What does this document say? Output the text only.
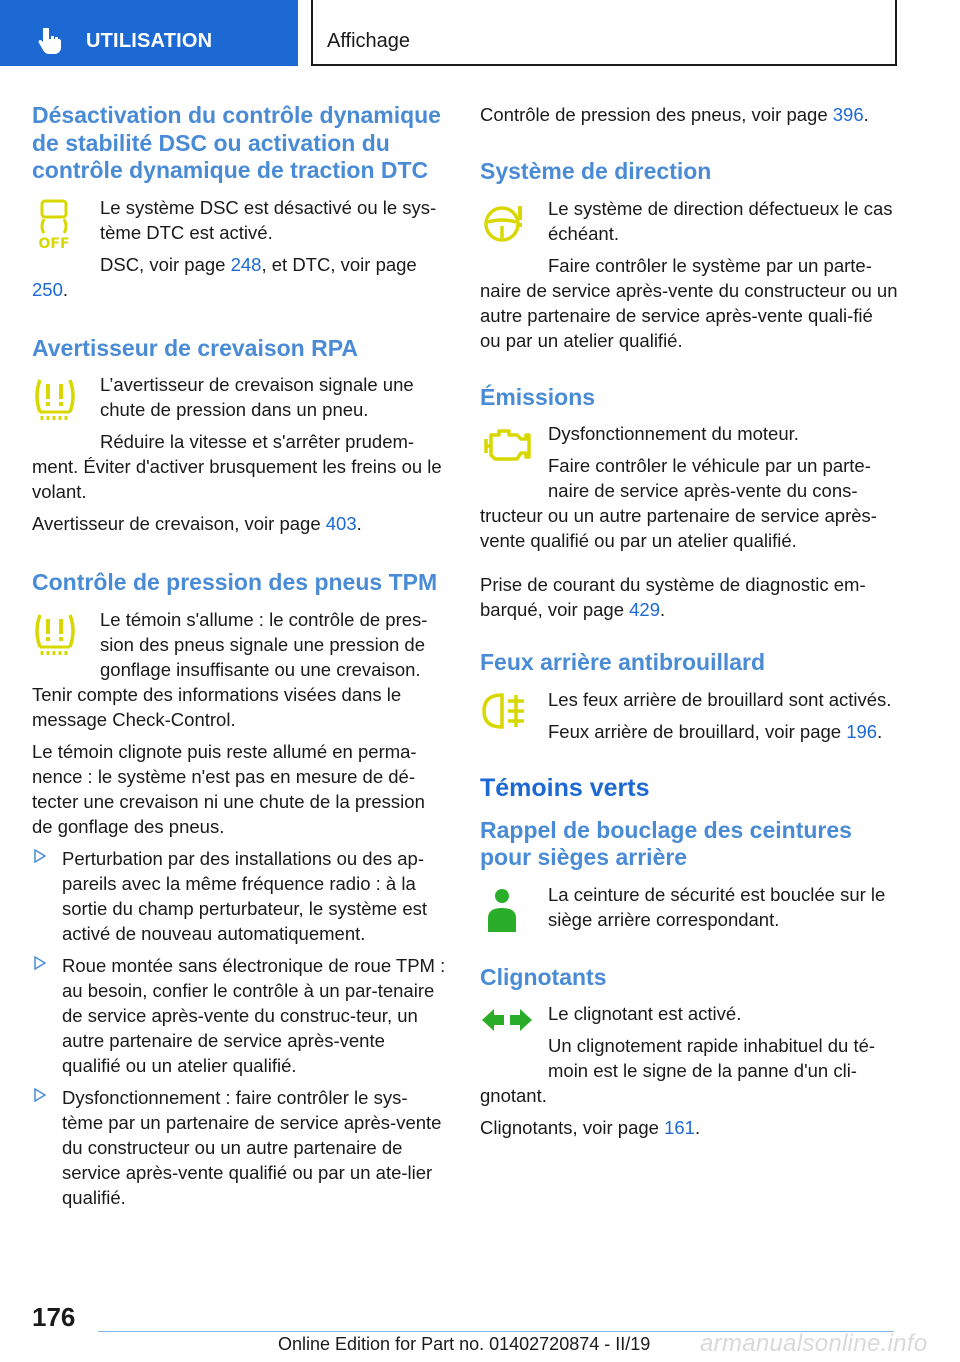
UTILISATION	Affichage
Désactivation du contrôle dynamique de stabilité DSC ou activation du contrôle dynamique de traction DTC
OFF

Le système DSC est désactivé ou le sys-tème DTC est activé.

DSC, voir page 248, et DTC, voir page 250.

Avertisseur de crevaison RPA

L’avertisseur de crevaison signale une chute de pression dans un pneu.

Réduire la vitesse et s'arrêter prudem-ment. Éviter d'activer brusquement les freins ou le volant.

Avertisseur de crevaison, voir page 403.

Contrôle de pression des pneus TPM

Le témoin s'allume : le contrôle de pres-sion des pneus signale une pression de gonflage insuffisante ou une crevaison. Tenir compte des informations visées dans le message Check-Control.

Le témoin clignote puis reste allumé en perma-nence : le système n'est pas en mesure de dé-tecter une crevaison ni une chute de la pression de gonflage des pneus.

Perturbation par des installations ou des ap-pareils avec la même fréquence radio : à la sortie du champ perturbateur, le système est activé de nouveau automatiquement.
Roue montée sans électronique de roue TPM : au besoin, confier le contrôle à un par-tenaire de service après-vente du construc-teur, un autre partenaire de service après-vente qualifié ou un atelier qualifié.
Dysfonctionnement : faire contrôler le sys-tème par un partenaire de service après-vente du constructeur ou un autre partenaire de service après-vente qualifié ou par un ate-lier qualifié.

Contrôle de pression des pneus, voir page 396.

Système de direction

Le système de direction défectueux le cas échéant.

Faire contrôler le système par un parte-naire de service après-vente du constructeur ou un autre partenaire de service après-vente quali-fié ou par un atelier qualifié.

Émissions

Dysfonctionnement du moteur.

Faire contrôler le véhicule par un parte-naire de service après-vente du cons-tructeur ou un autre partenaire de service après-vente qualifié ou par un atelier qualifié.

Prise de courant du système de diagnostic em-barqué, voir page 429.

Feux arrière antibrouillard

Les feux arrière de brouillard sont activés.

Feux arrière de brouillard, voir page 196.

Témoins verts
Rappel de bouclage des ceintures pour sièges arrière

La ceinture de sécurité est bouclée sur le siège arrière correspondant.

Clignotants

Le clignotant est activé.

Un clignotement rapide inhabituel du té-moin est le signe de la panne d'un cli-gnotant.

Clignotants, voir page 161.

176
Online Edition for Part no. 01402720874 - II/19 armanualsonline.info
